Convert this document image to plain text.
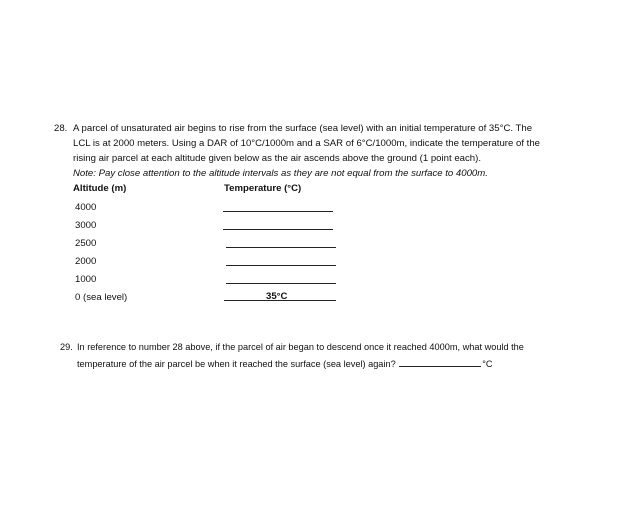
28. A parcel of unsaturated air begins to rise from the surface (sea level) with an initial temperature of 35°C. The
LCL is at 2000 meters. Using a DAR of 10°C/1000m and a SAR of 6°C/1000m, indicate the temperature of the
rising air parcel at each altitude given below as the air ascends above the ground (1 point each).
Note: Pay close attention to the altitude intervals as they are not equal from the surface to 4000m.
Altitude (m)	Temperature (°C)
4000
3000
2500
2000
1000
0 (sea level)	35°C
29. In reference to number 28 above, if the parcel of air began to descend once it reached 4000m, what would the
temperature of the air parcel be when it reached the surface (sea level) again?	°C
